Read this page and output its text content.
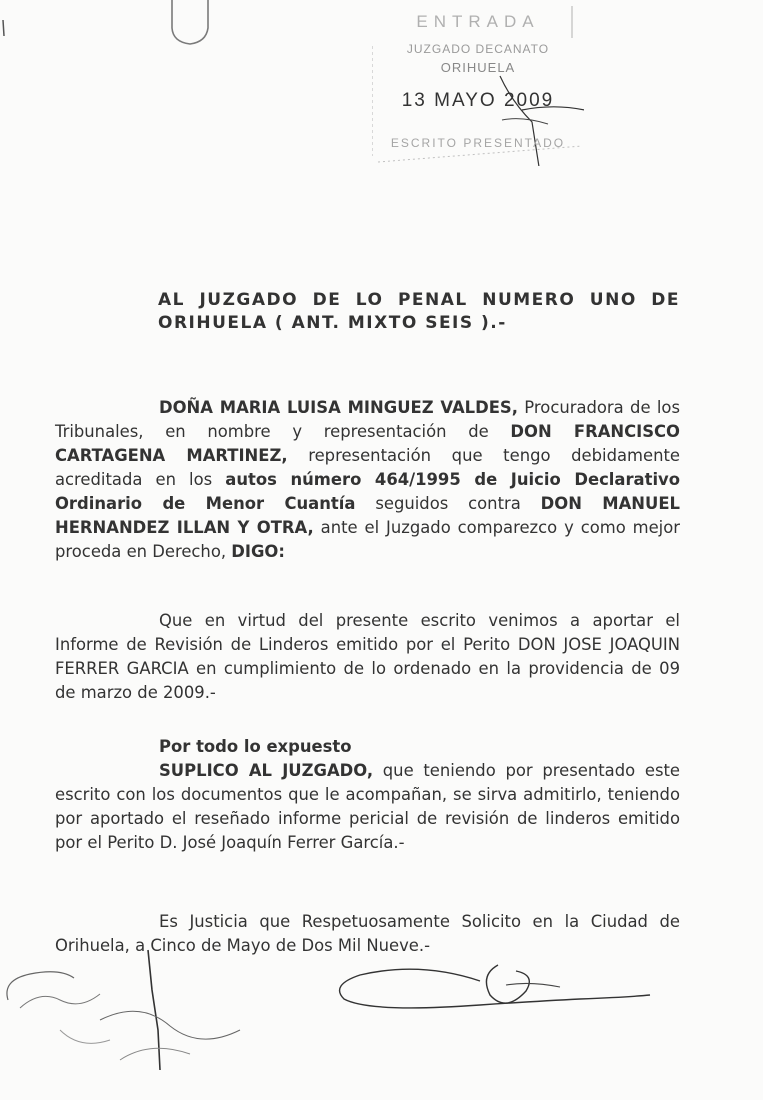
ENTRADA
JUZGADO DECANATO
ORIHUELA
13 MAYO 2009
ESCRITO PRESENTADO
AL JUZGADO DE LO PENAL NUMERO UNO DE
ORIHUELA ( ANT. MIXTO SEIS ).-
DOÑA MARIA LUISA MINGUEZ VALDES, Procuradora de los Tribunales, en nombre y representación de DON FRANCISCO CARTAGENA MARTINEZ, representación que tengo debidamente acreditada en los autos número 464/1995 de Juicio Declarativo Ordinario de Menor Cuantía seguidos contra DON MANUEL HERNANDEZ ILLAN Y OTRA, ante el Juzgado comparezco y como mejor proceda en Derecho, DIGO:
Que en virtud del presente escrito venimos a aportar el Informe de Revisión de Linderos emitido por el Perito DON JOSE JOAQUIN FERRER GARCIA en cumplimiento de lo ordenado en la providencia de 09 de marzo de 2009.-
Por todo lo expuesto
SUPLICO AL JUZGADO, que teniendo por presentado este escrito con los documentos que le acompañan, se sirva admitirlo, teniendo por aportado el reseñado informe pericial de revisión de linderos emitido por el Perito D. José Joaquín Ferrer García.-
Es Justicia que Respetuosamente Solicito en la Ciudad de Orihuela, a Cinco de Mayo de Dos Mil Nueve.-
